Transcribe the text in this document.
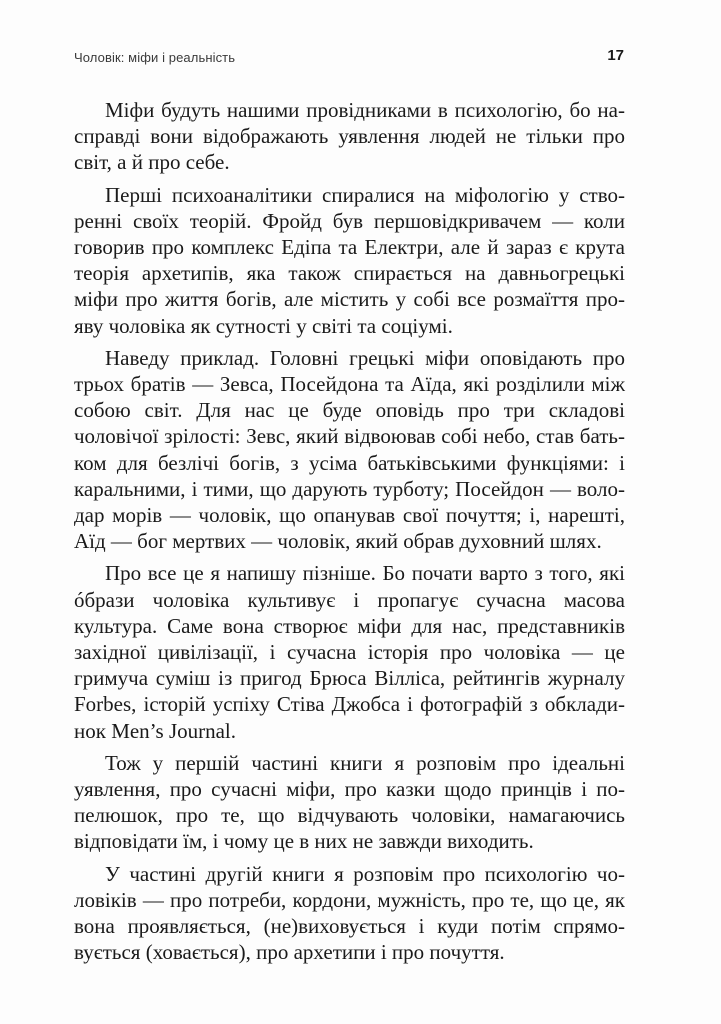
Чоловік: міфи і реальність	17

Міфи будуть нашими провідниками в психологію, бо насправді вони відображають уявлення людей не тільки про світ, а й про себе.

Перші психоаналітики спиралися на міфологію у створенні своїх теорій. Фройд був першовідкривачем — коли говорив про комплекс Едіпа та Електри, але й зараз є крута теорія архетипів, яка також спирається на давньогрецькі міфи про життя богів, але містить у собі все розмаїття прояву чоловіка як сутності у світі та соціумі.

Наведу приклад. Головні грецькі міфи оповідають про трьох братів — Зевса, Посейдона та Аїда, які розділили між собою світ. Для нас це буде оповідь про три складові чоловічої зрілості: Зевс, який відвоював собі небо, став батьком для безлічі богів, з усіма батьківськими функціями: і каральними, і тими, що дарують турботу; Посейдон — володар морів — чоловік, що опанував свої почуття; і, нарешті, Аїд — бог мертвих — чоловік, який обрав духовний шлях.

Про все це я напишу пізніше. Бо почати варто з того, які óбрази чоловіка культивує і пропагує сучасна масова культура. Саме вона створює міфи для нас, представників західної цивілізації, і сучасна історія про чоловіка — це гримуча суміш із пригод Брюса Вілліса, рейтингів журналу Forbes, історій успіху Стіва Джобса і фотографій з обкладинок Men’s Journal.

Тож у першій частині книги я розповім про ідеальні уявлення, про сучасні міфи, про казки щодо принців і попелюшок, про те, що відчувають чоловіки, намагаючись відповідати їм, і чому це в них не завжди виходить.

У частині другій книги я розповім про психологію чоловіків — про потреби, кордони, мужність, про те, що це, як вона проявляється, (не)виховується і куди потім спрямовується (ховається), про архетипи і про почуття.
